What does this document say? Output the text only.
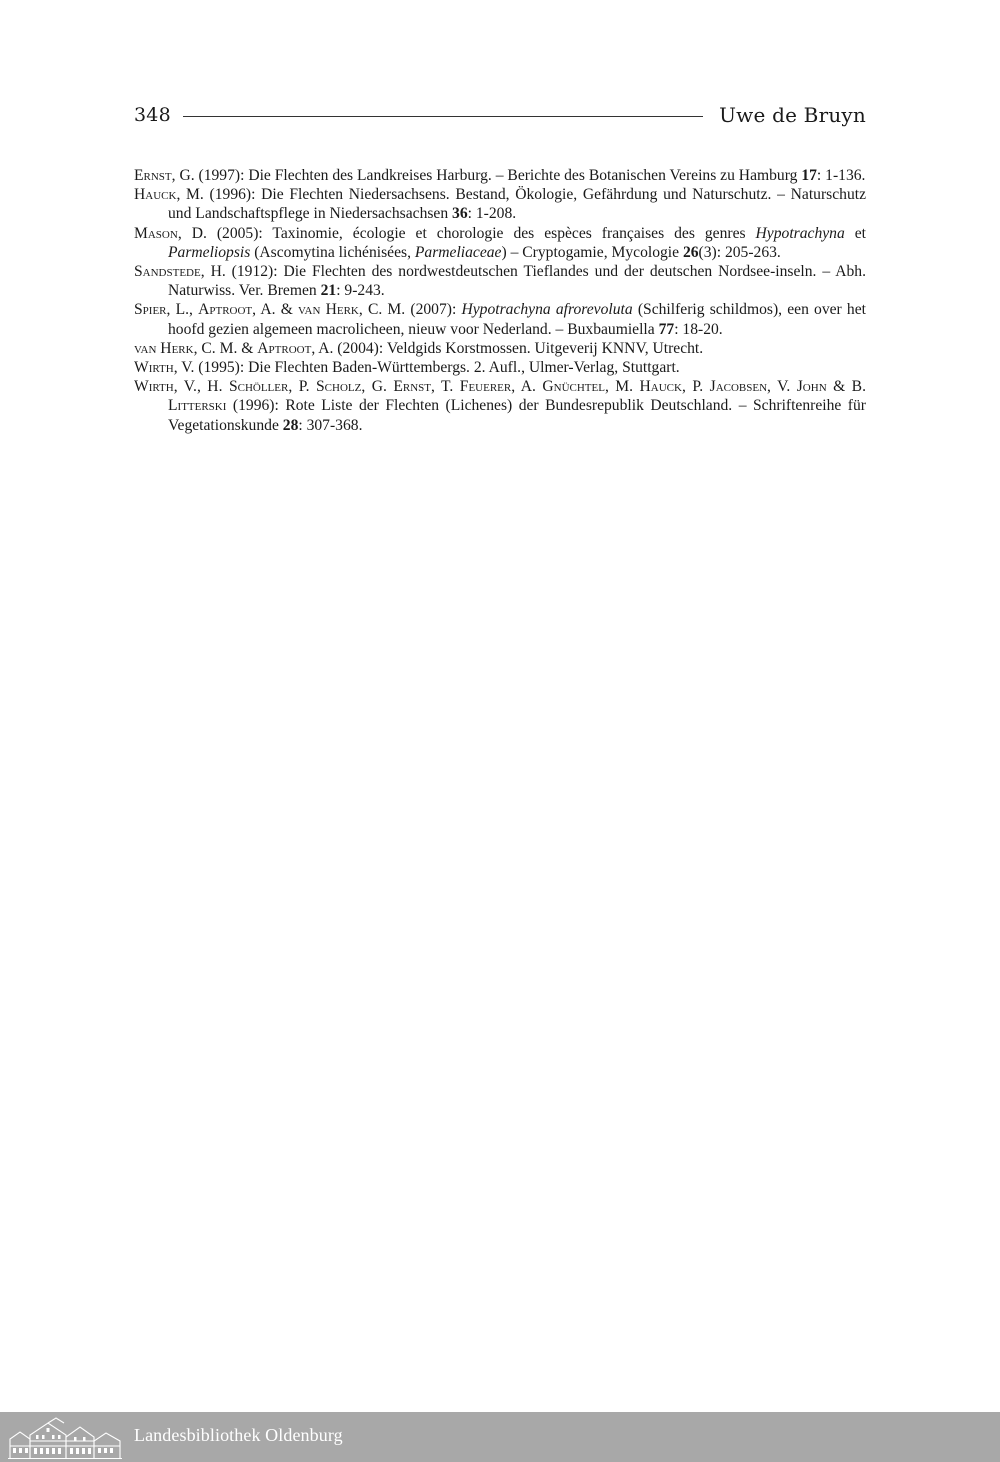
348	Uwe de Bruyn
Ernst, G. (1997): Die Flechten des Landkreises Harburg. – Berichte des Botanischen Vereins zu Hamburg 17: 1-136.
Hauck, M. (1996): Die Flechten Niedersachsens. Bestand, Ökologie, Gefährdung und Naturschutz. – Naturschutz und Landschaftspflege in Niedersachsachsen 36: 1-208.
Mason, D. (2005): Taxinomie, écologie et chorologie des espèces françaises des genres Hypotrachyna et Parmeliopsis (Ascomytina lichénisées, Parmeliaceae) – Cryptogamie, Mycologie 26(3): 205-263.
Sandstede, H. (1912): Die Flechten des nordwestdeutschen Tieflandes und der deutschen Nordsee-inseln. – Abh. Naturwiss. Ver. Bremen 21: 9-243.
Spier, L., Aptroot, A. & van Herk, C. M. (2007): Hypotrachyna afrorevoluta (Schilferig schildmos), een over het hoofd gezien algemeen macrolicheen, nieuw voor Nederland. – Buxbaumiella 77: 18-20.
van Herk, C. M. & Aptroot, A. (2004): Veldgids Korstmossen. Uitgeverij KNNV, Utrecht.
Wirth, V. (1995): Die Flechten Baden-Württembergs. 2. Aufl., Ulmer-Verlag, Stuttgart.
Wirth, V., H. Schöller, P. Scholz, G. Ernst, T. Feuerer, A. Gnüchtel, M. Hauck, P. Jacobsen, V. John & B. Litterski (1996): Rote Liste der Flechten (Lichenes) der Bundesrepublik Deutschland. – Schriftenreihe für Vegetationskunde 28: 307-368.
Landesbibliothek Oldenburg
